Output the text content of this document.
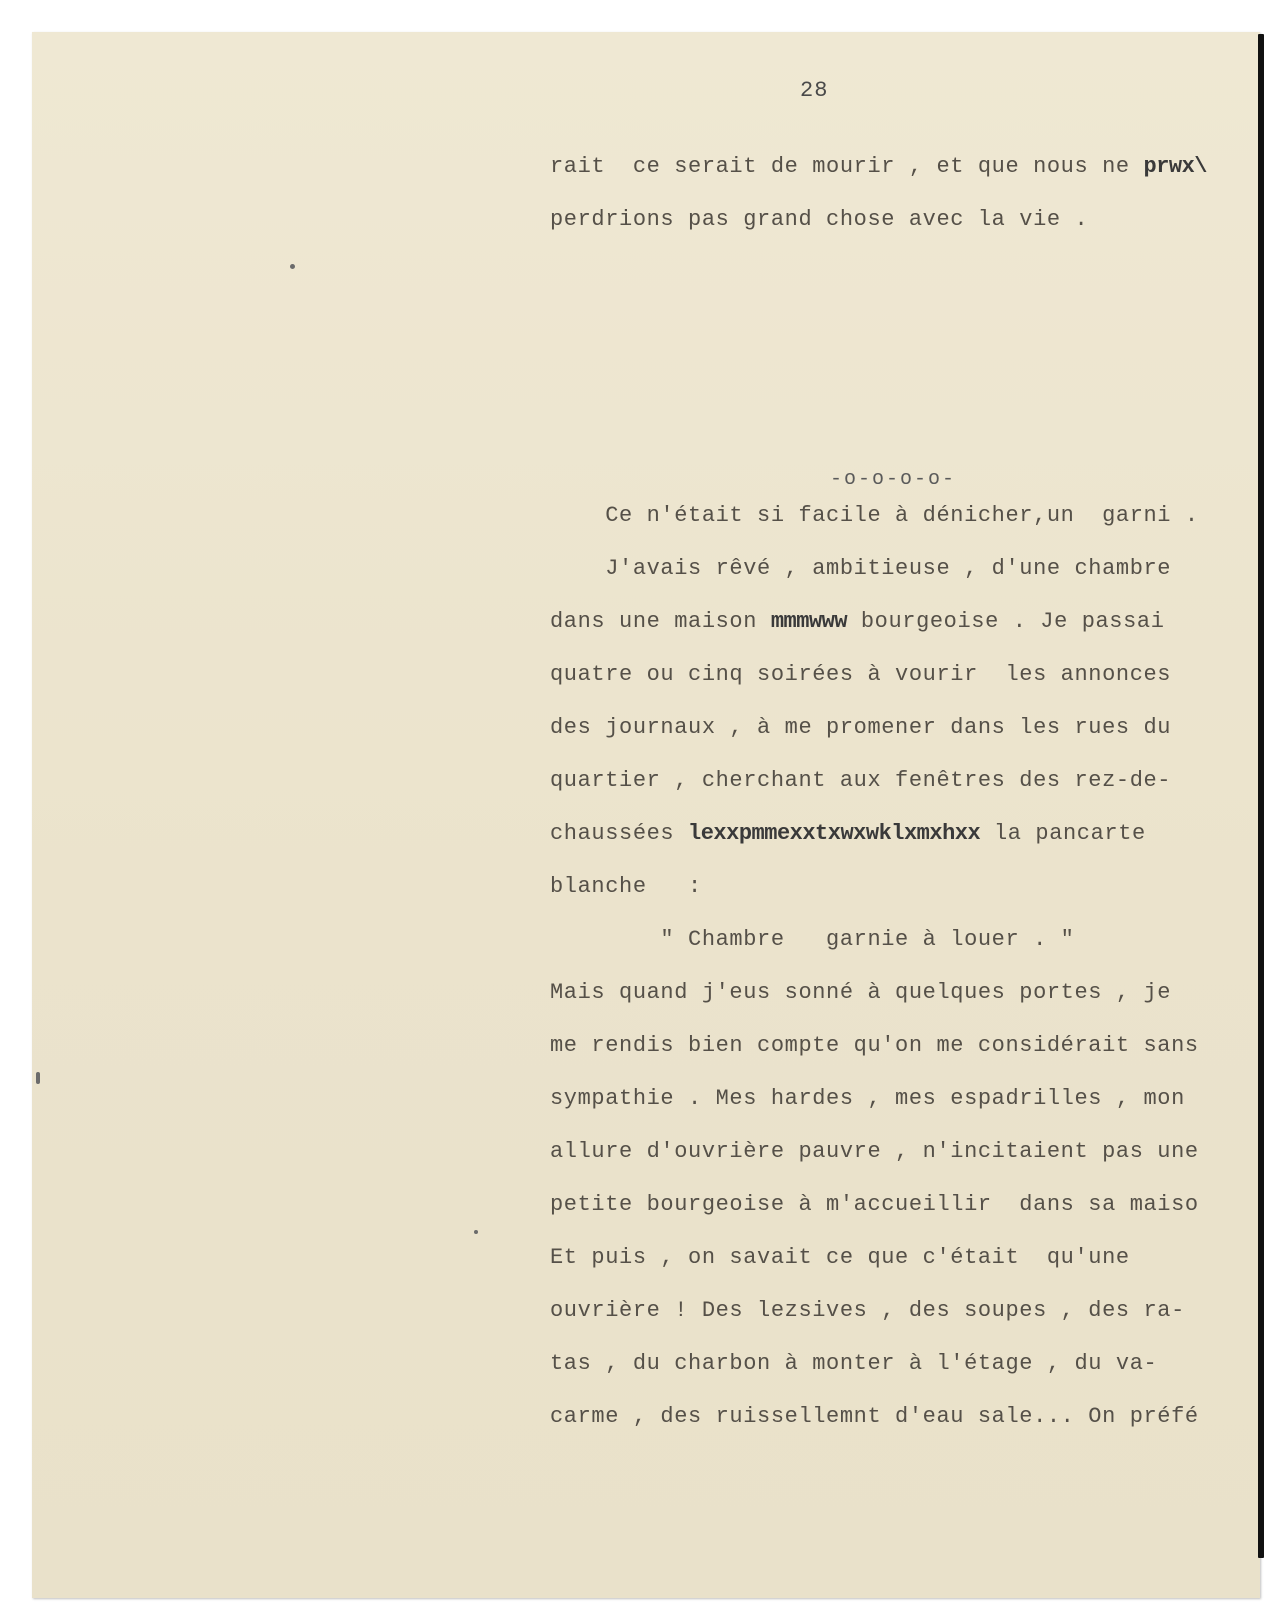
28
rait  ce serait de mourir , et que nous ne prwx\
perdrions pas grand chose avec la vie .
-o-o-o-o-
Ce n'était si facile à dénicher,un  garni .
J'avais rêvé , ambitieuse , d'une chambre
dans une maison mmmwww bourgeoise . Je passai
quatre ou cinq soirées à vourir  les annonces
des journaux , à me promener dans les rues du
quartier , cherchant aux fenêtres des rez-de-
chaussées lexxpmmexxtxwxwklxmxhxx la pancarte
blanche   :
" Chambre   garnie à louer . "
Mais quand j'eus sonné à quelques portes , je
me rendis bien compte qu'on me considérait sans
sympathie . Mes hardes , mes espadrilles , mon
allure d'ouvrière pauvre , n'incitaient pas une
petite bourgeoise à m'accueillir  dans sa maiso
Et puis , on savait ce que c'était  qu'une
ouvrière ! Des lezsives , des soupes , des ra-
tas , du charbon à monter à l'étage , du va-
carme , des ruissellemnt d'eau sale... On préfé
